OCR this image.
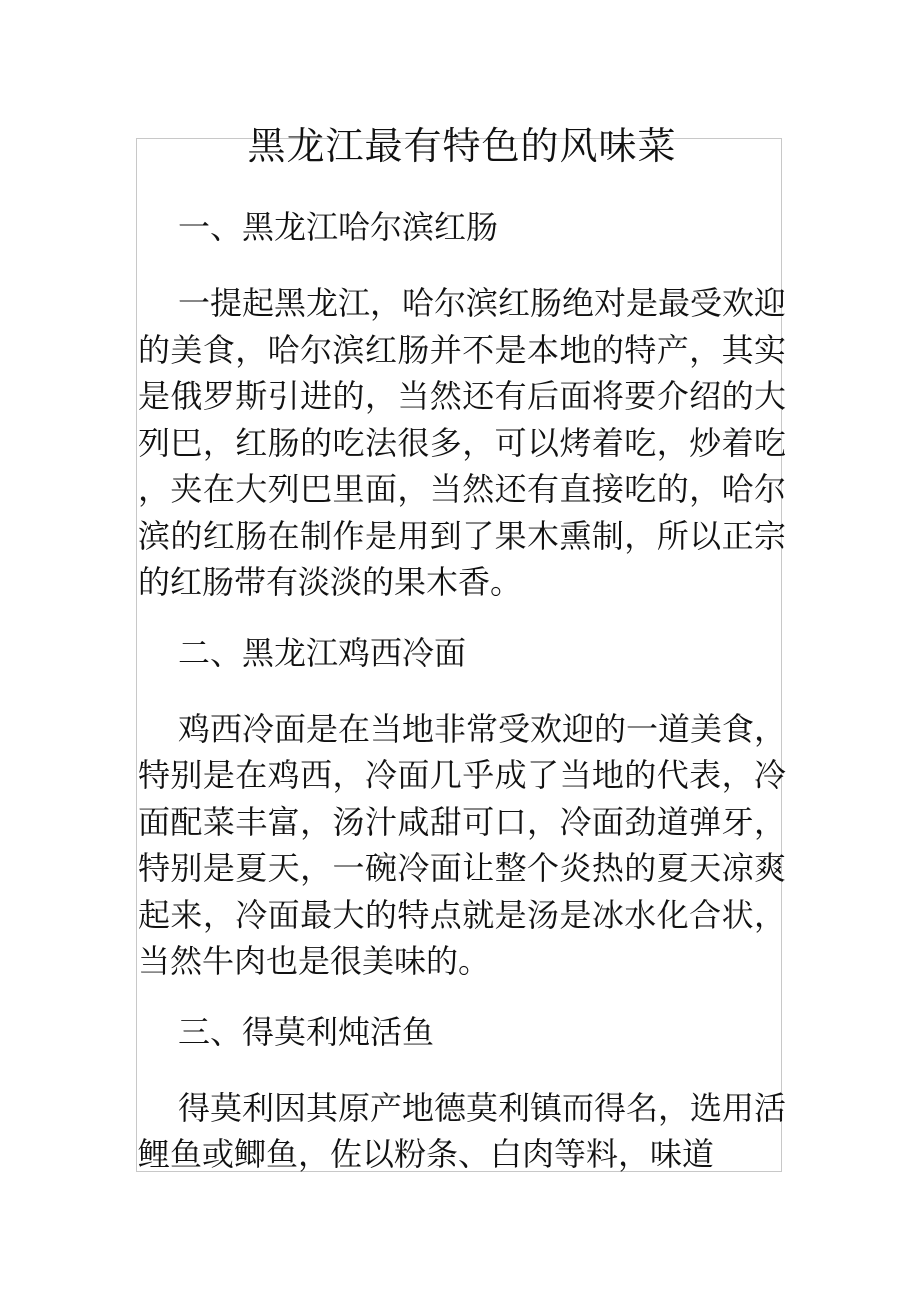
黑龙江最有特色的风味菜

一、黑龙江哈尔滨红肠

一提起黑龙江，哈尔滨红肠绝对是最受欢迎的美食，哈尔滨红肠并不是本地的特产，其实是俄罗斯引进的，当然还有后面将要介绍的大列巴，红肠的吃法很多，可以烤着吃，炒着吃，夹在大列巴里面，当然还有直接吃的，哈尔滨的红肠在制作是用到了果木熏制，所以正宗的红肠带有淡淡的果木香。

二、黑龙江鸡西冷面

鸡西冷面是在当地非常受欢迎的一道美食，特别是在鸡西，冷面几乎成了当地的代表，冷面配菜丰富，汤汁咸甜可口，冷面劲道弹牙，特别是夏天，一碗冷面让整个炎热的夏天凉爽起来，冷面最大的特点就是汤是冰水化合状，当然牛肉也是很美味的。

三、得莫利炖活鱼

得莫利因其原产地德莫利镇而得名，选用活鲤鱼或鲫鱼，佐以粉条、白肉等料，味道
